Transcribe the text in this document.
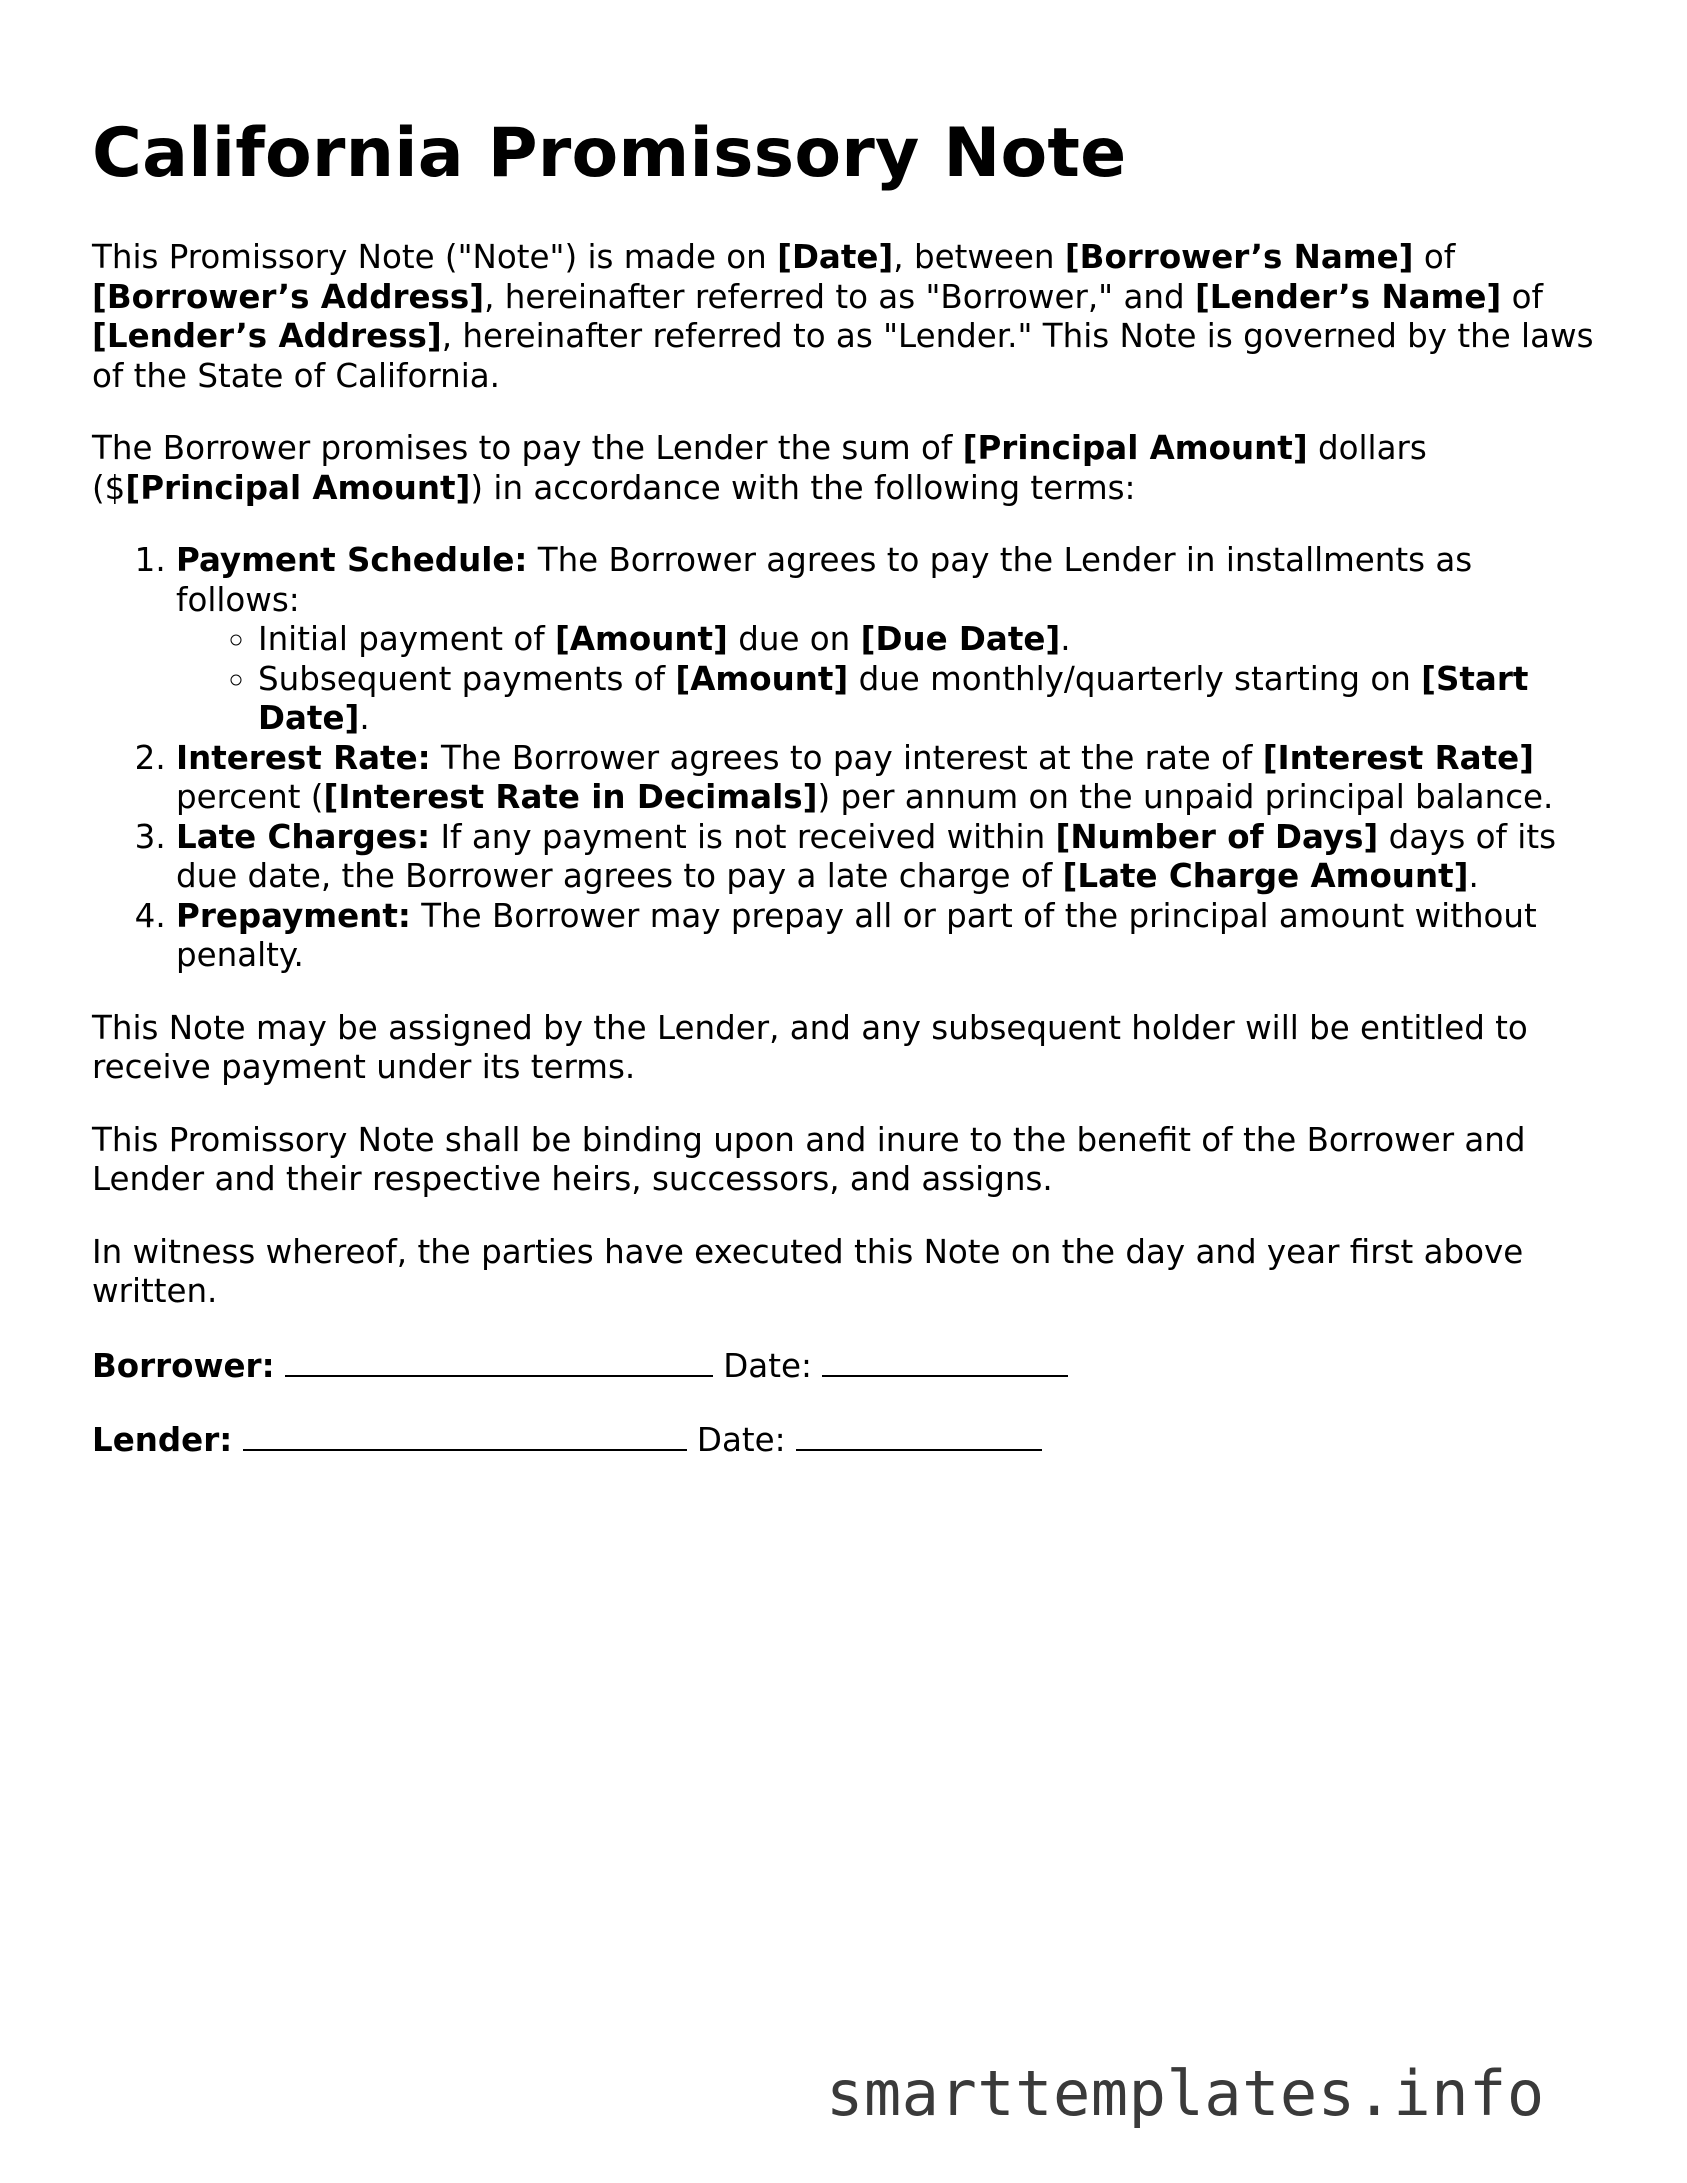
California Promissory Note

This Promissory Note ("Note") is made on [Date], between [Borrower’s Name] of [Borrower’s Address], hereinafter referred to as "Borrower," and [Lender’s Name] of [Lender’s Address], hereinafter referred to as "Lender." This Note is governed by the laws of the State of California.

The Borrower promises to pay the Lender the sum of [Principal Amount] dollars ($[Principal Amount]) in accordance with the following terms:

1. Payment Schedule: The Borrower agrees to pay the Lender in installments as follows:
◦ Initial payment of [Amount] due on [Due Date].
◦ Subsequent payments of [Amount] due monthly/quarterly starting on [Start Date].
2. Interest Rate: The Borrower agrees to pay interest at the rate of [Interest Rate] percent ([Interest Rate in Decimals]) per annum on the unpaid principal balance.
3. Late Charges: If any payment is not received within [Number of Days] days of its due date, the Borrower agrees to pay a late charge of [Late Charge Amount].
4. Prepayment: The Borrower may prepay all or part of the principal amount without penalty.

This Note may be assigned by the Lender, and any subsequent holder will be entitled to receive payment under its terms.

This Promissory Note shall be binding upon and inure to the benefit of the Borrower and Lender and their respective heirs, successors, and assigns.

In witness whereof, the parties have executed this Note on the day and year first above written.

Borrower:	Date:
Lender:	Date:
smarttemplates.info
